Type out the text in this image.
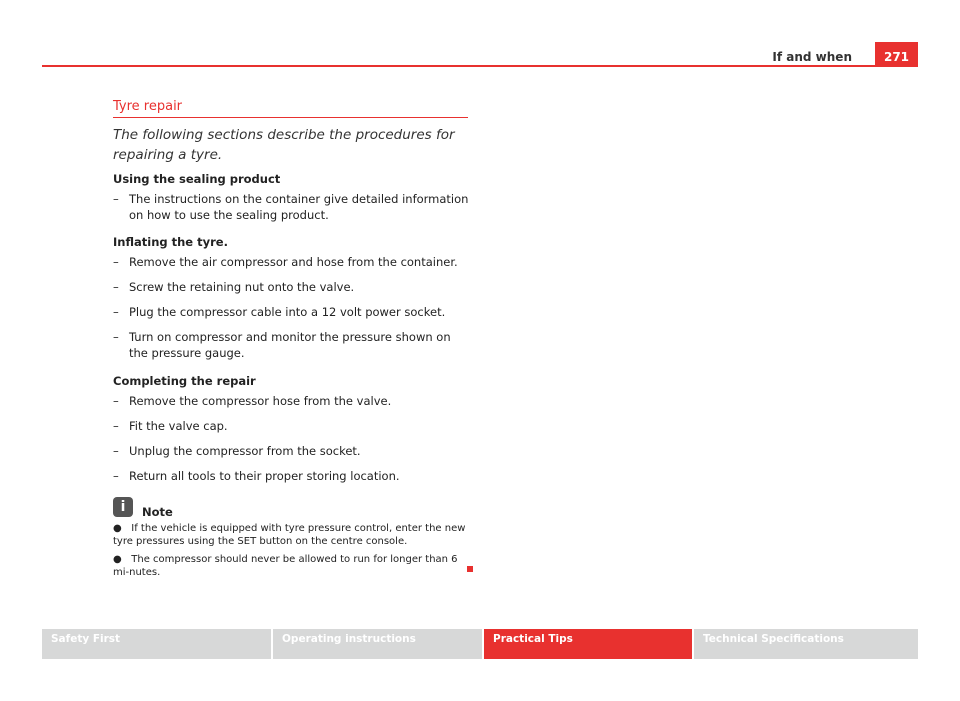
If and when	271
Tyre repair
The following sections describe the procedures for repairing a tyre.
Using the sealing product
– The instructions on the container give detailed information on how to use the sealing product.
Inflating the tyre.
– Remove the air compressor and hose from the container.
– Screw the retaining nut onto the valve.
– Plug the compressor cable into a 12 volt power socket.
– Turn on compressor and monitor the pressure shown on the pressure gauge.
Completing the repair
– Remove the compressor hose from the valve.
– Fit the valve cap.
– Unplug the compressor from the socket.
– Return all tools to their proper storing location.
i	Note
● If the vehicle is equipped with tyre pressure control, enter the new tyre pressures using the SET button on the centre console.
● The compressor should never be allowed to run for longer than 6 mi-nutes.
Safety First	Operating instructions	Practical Tips	Technical Specifications
